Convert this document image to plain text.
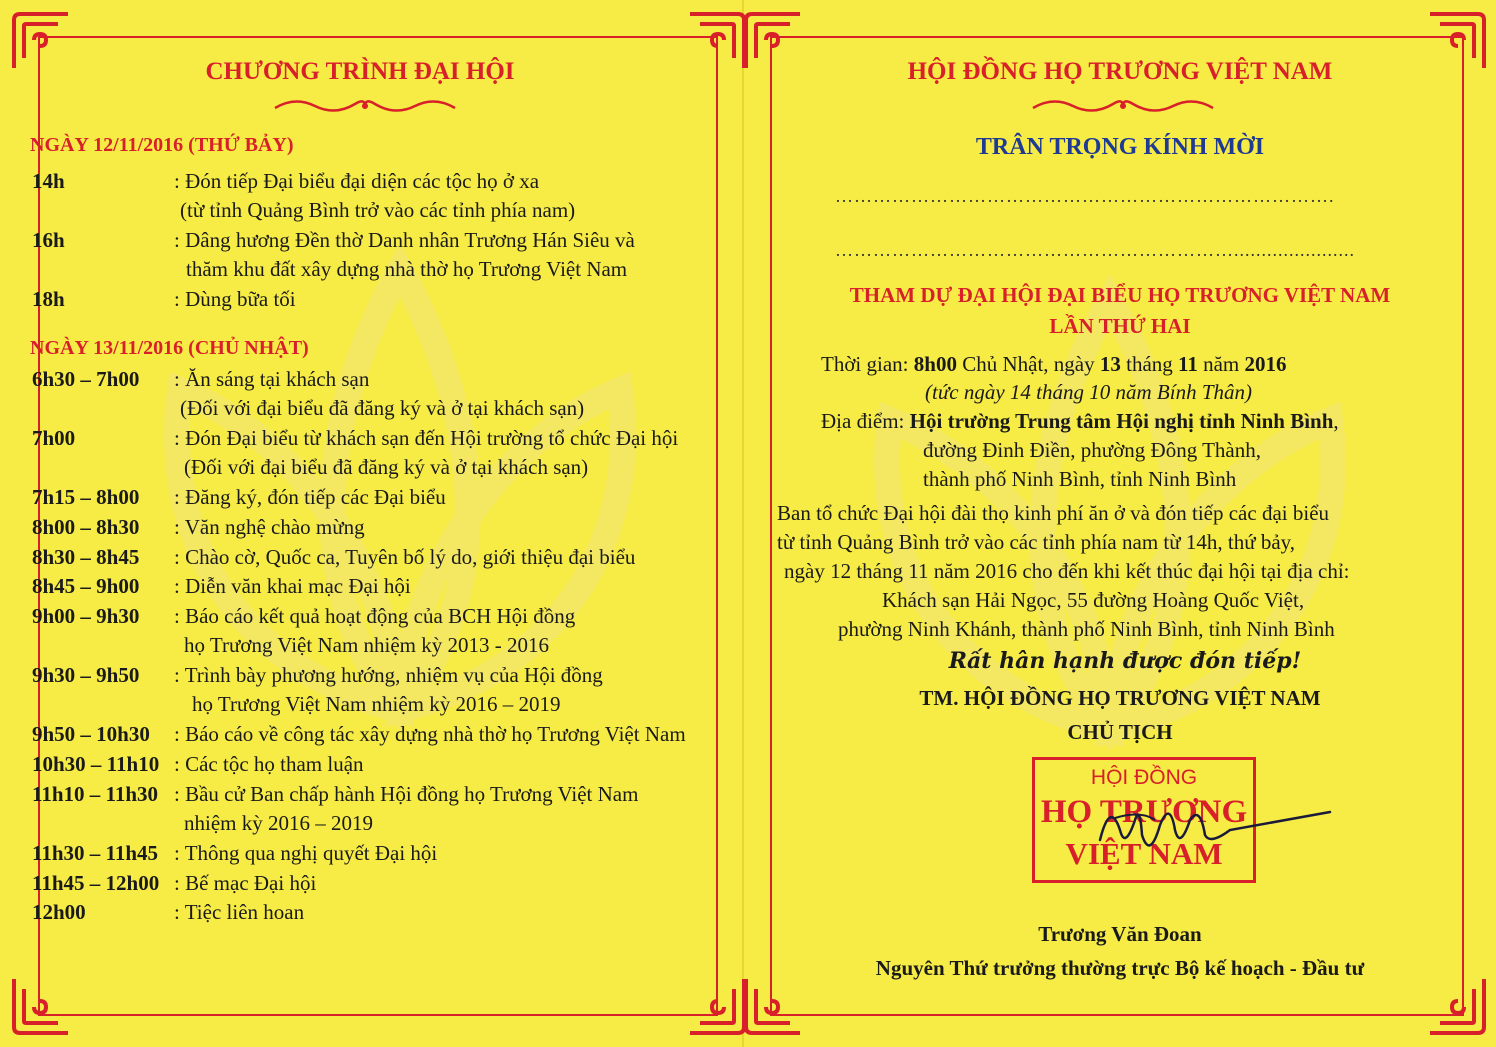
CHƯƠNG TRÌNH ĐẠI HỘI
NGÀY 12/11/2016 (THỨ BẢY)
14h	: Đón tiếp Đại biểu đại diện các tộc họ ở xa
(từ tỉnh Quảng Bình trở vào các tỉnh phía nam)
16h	: Dâng hương Đền thờ Danh nhân Trương Hán Siêu và
thăm khu đất xây dựng nhà thờ họ Trương Việt Nam
18h	: Dùng bữa tối
NGÀY 13/11/2016 (CHỦ NHẬT)
6h30 – 7h00	: Ăn sáng tại khách sạn
(Đối với đại biểu đã đăng ký và ở tại khách sạn)
7h00	: Đón Đại biểu từ khách sạn đến Hội trường tổ chức Đại hội
(Đối với đại biểu đã đăng ký và ở tại khách sạn)
7h15 – 8h00	: Đăng ký, đón tiếp các Đại biểu
8h00 – 8h30	: Văn nghệ chào mừng
8h30 – 8h45	: Chào cờ, Quốc ca, Tuyên bố lý do, giới thiệu đại biểu
8h45 – 9h00	: Diễn văn khai mạc Đại hội
9h00 – 9h30	: Báo cáo kết quả hoạt động của BCH Hội đồng
họ Trương Việt Nam nhiệm kỳ 2013 - 2016
9h30 – 9h50	: Trình bày phương hướng, nhiệm vụ của Hội đồng
họ Trương Việt Nam nhiệm kỳ 2016 – 2019
9h50 – 10h30	: Báo cáo về công tác xây dựng nhà thờ họ Trương Việt Nam
10h30 – 11h10 : Các tộc họ tham luận
11h10 – 11h30 : Bầu cử Ban chấp hành Hội đồng họ Trương Việt Nam
nhiệm kỳ 2016 – 2019
11h30 – 11h45 : Thông qua nghị quyết Đại hội
11h45 – 12h00 : Bế mạc Đại hội
12h00	: Tiệc liên hoan
HỘI ĐỒNG HỌ TRƯƠNG VIỆT NAM
TRÂN TRỌNG KÍNH MỜI
…………………………………………………………………….
………………………………………………………......................
THAM DỰ ĐẠI HỘI ĐẠI BIỂU HỌ TRƯƠNG VIỆT NAM
LẦN THỨ HAI
Thời gian: 8h00 Chủ Nhật, ngày 13 tháng 11 năm 2016
(tức ngày 14 tháng 10 năm Bính Thân)
Địa điểm: Hội trường Trung tâm Hội nghị tỉnh Ninh Bình,
đường Đinh Điền, phường Đông Thành,
thành phố Ninh Bình, tỉnh Ninh Bình
Ban tổ chức Đại hội đài thọ kinh phí ăn ở và đón tiếp các đại biểu
từ tỉnh Quảng Bình trở vào các tỉnh phía nam từ 14h, thứ bảy,
ngày 12 tháng 11 năm 2016 cho đến khi kết thúc đại hội tại địa chỉ:
Khách sạn Hải Ngọc, 55 đường Hoàng Quốc Việt,
phường Ninh Khánh, thành phố Ninh Bình, tỉnh Ninh Bình
Rất hân hạnh được đón tiếp!
TM. HỘI ĐỒNG HỌ TRƯƠNG VIỆT NAM
CHỦ TỊCH
HỘI ĐỒNG
HỌ TRƯƠNG
VIỆT NAM
Trương Văn Đoan
Nguyên Thứ trưởng thường trực Bộ kế hoạch - Đầu tư
